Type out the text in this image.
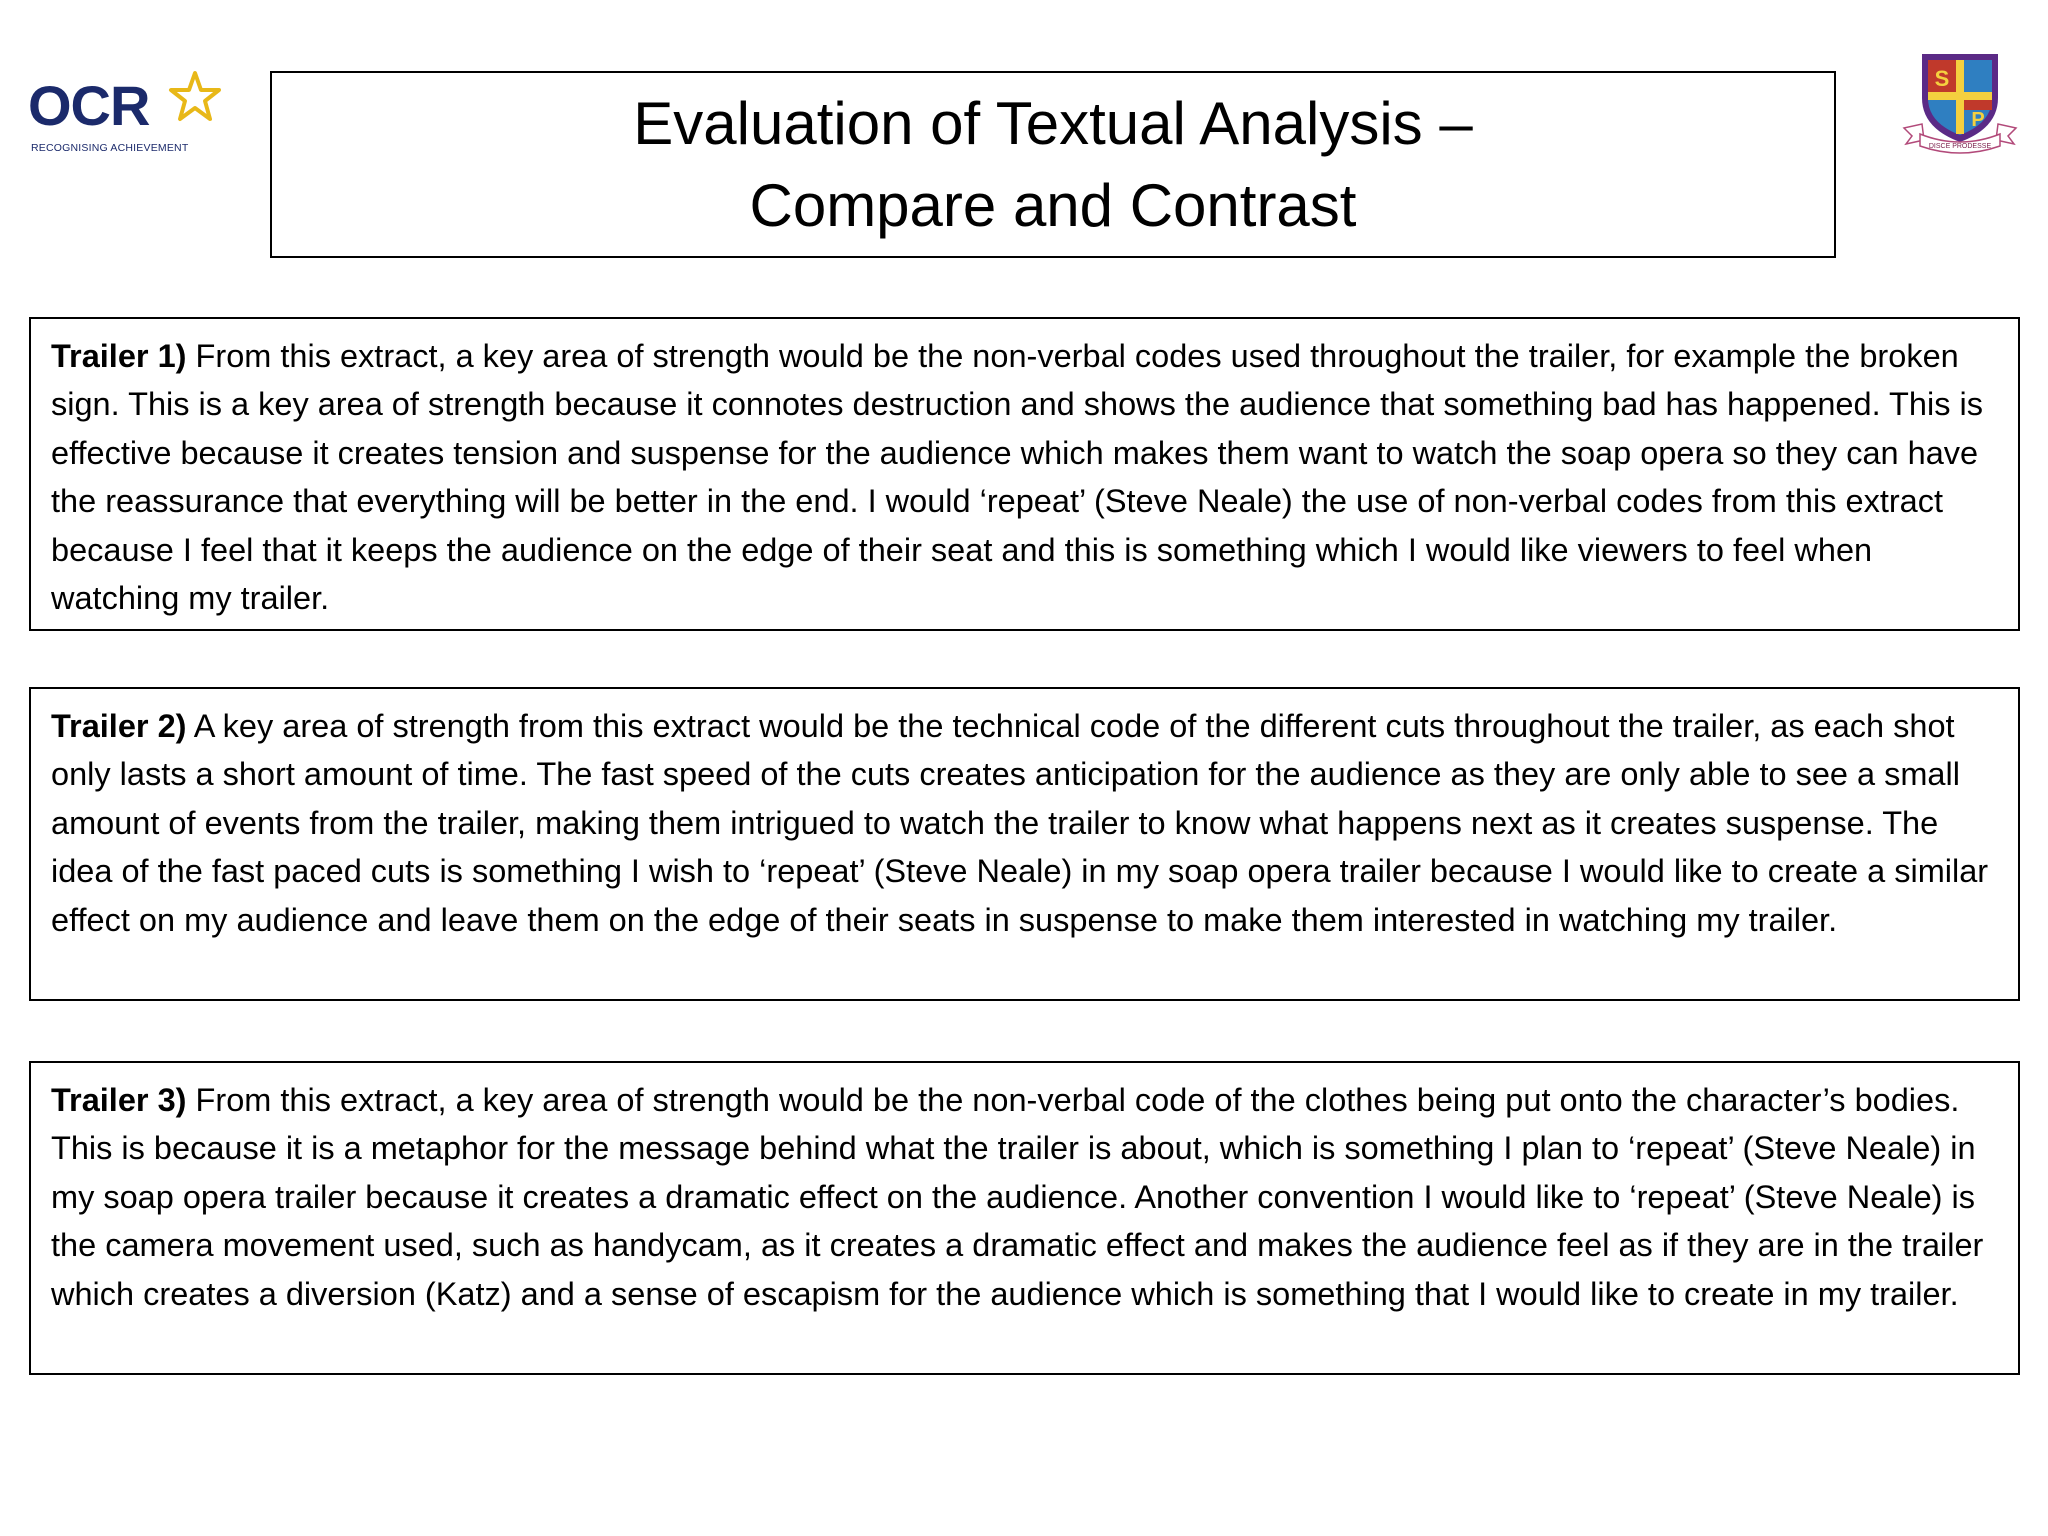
OCR
RECOGNISING ACHIEVEMENT	Evaluation of Textual Analysis –
Compare and Contrast
S
P
DISCE PRODESSE

Trailer 1) From this extract, a key area of strength would be the non-verbal codes used throughout the trailer, for example the broken sign. This is a key area of strength because it connotes destruction and shows the audience that something bad has happened. This is effective because it creates tension and suspense for the audience which makes them want to watch the soap opera so they can have the reassurance that everything will be better in the end. I would ‘repeat’ (Steve Neale) the use of non-verbal codes from this extract because I feel that it keeps the audience on the edge of their seat and this is something which I would like viewers to feel when watching my trailer.

Trailer 2) A key area of strength from this extract would be the technical code of the different cuts throughout the trailer, as each shot only lasts a short amount of time. The fast speed of the cuts creates anticipation for the audience as they are only able to see a small amount of events from the trailer, making them intrigued to watch the trailer to know what happens next as it creates suspense. The idea of the fast paced cuts is something I wish to ‘repeat’ (Steve Neale) in my soap opera trailer because I would like to create a similar effect on my audience and leave them on the edge of their seats in suspense to make them interested in watching my trailer.

Trailer 3) From this extract, a key area of strength would be the non-verbal code of the clothes being put onto the character’s bodies. This is because it is a metaphor for the message behind what the trailer is about, which is something I plan to ‘repeat’ (Steve Neale) in my soap opera trailer because it creates a dramatic effect on the audience. Another convention I would like to ‘repeat’ (Steve Neale) is the camera movement used, such as handycam, as it creates a dramatic effect and makes the audience feel as if they are in the trailer which creates a diversion (Katz) and a sense of escapism for the audience which is something that I would like to create in my trailer.
